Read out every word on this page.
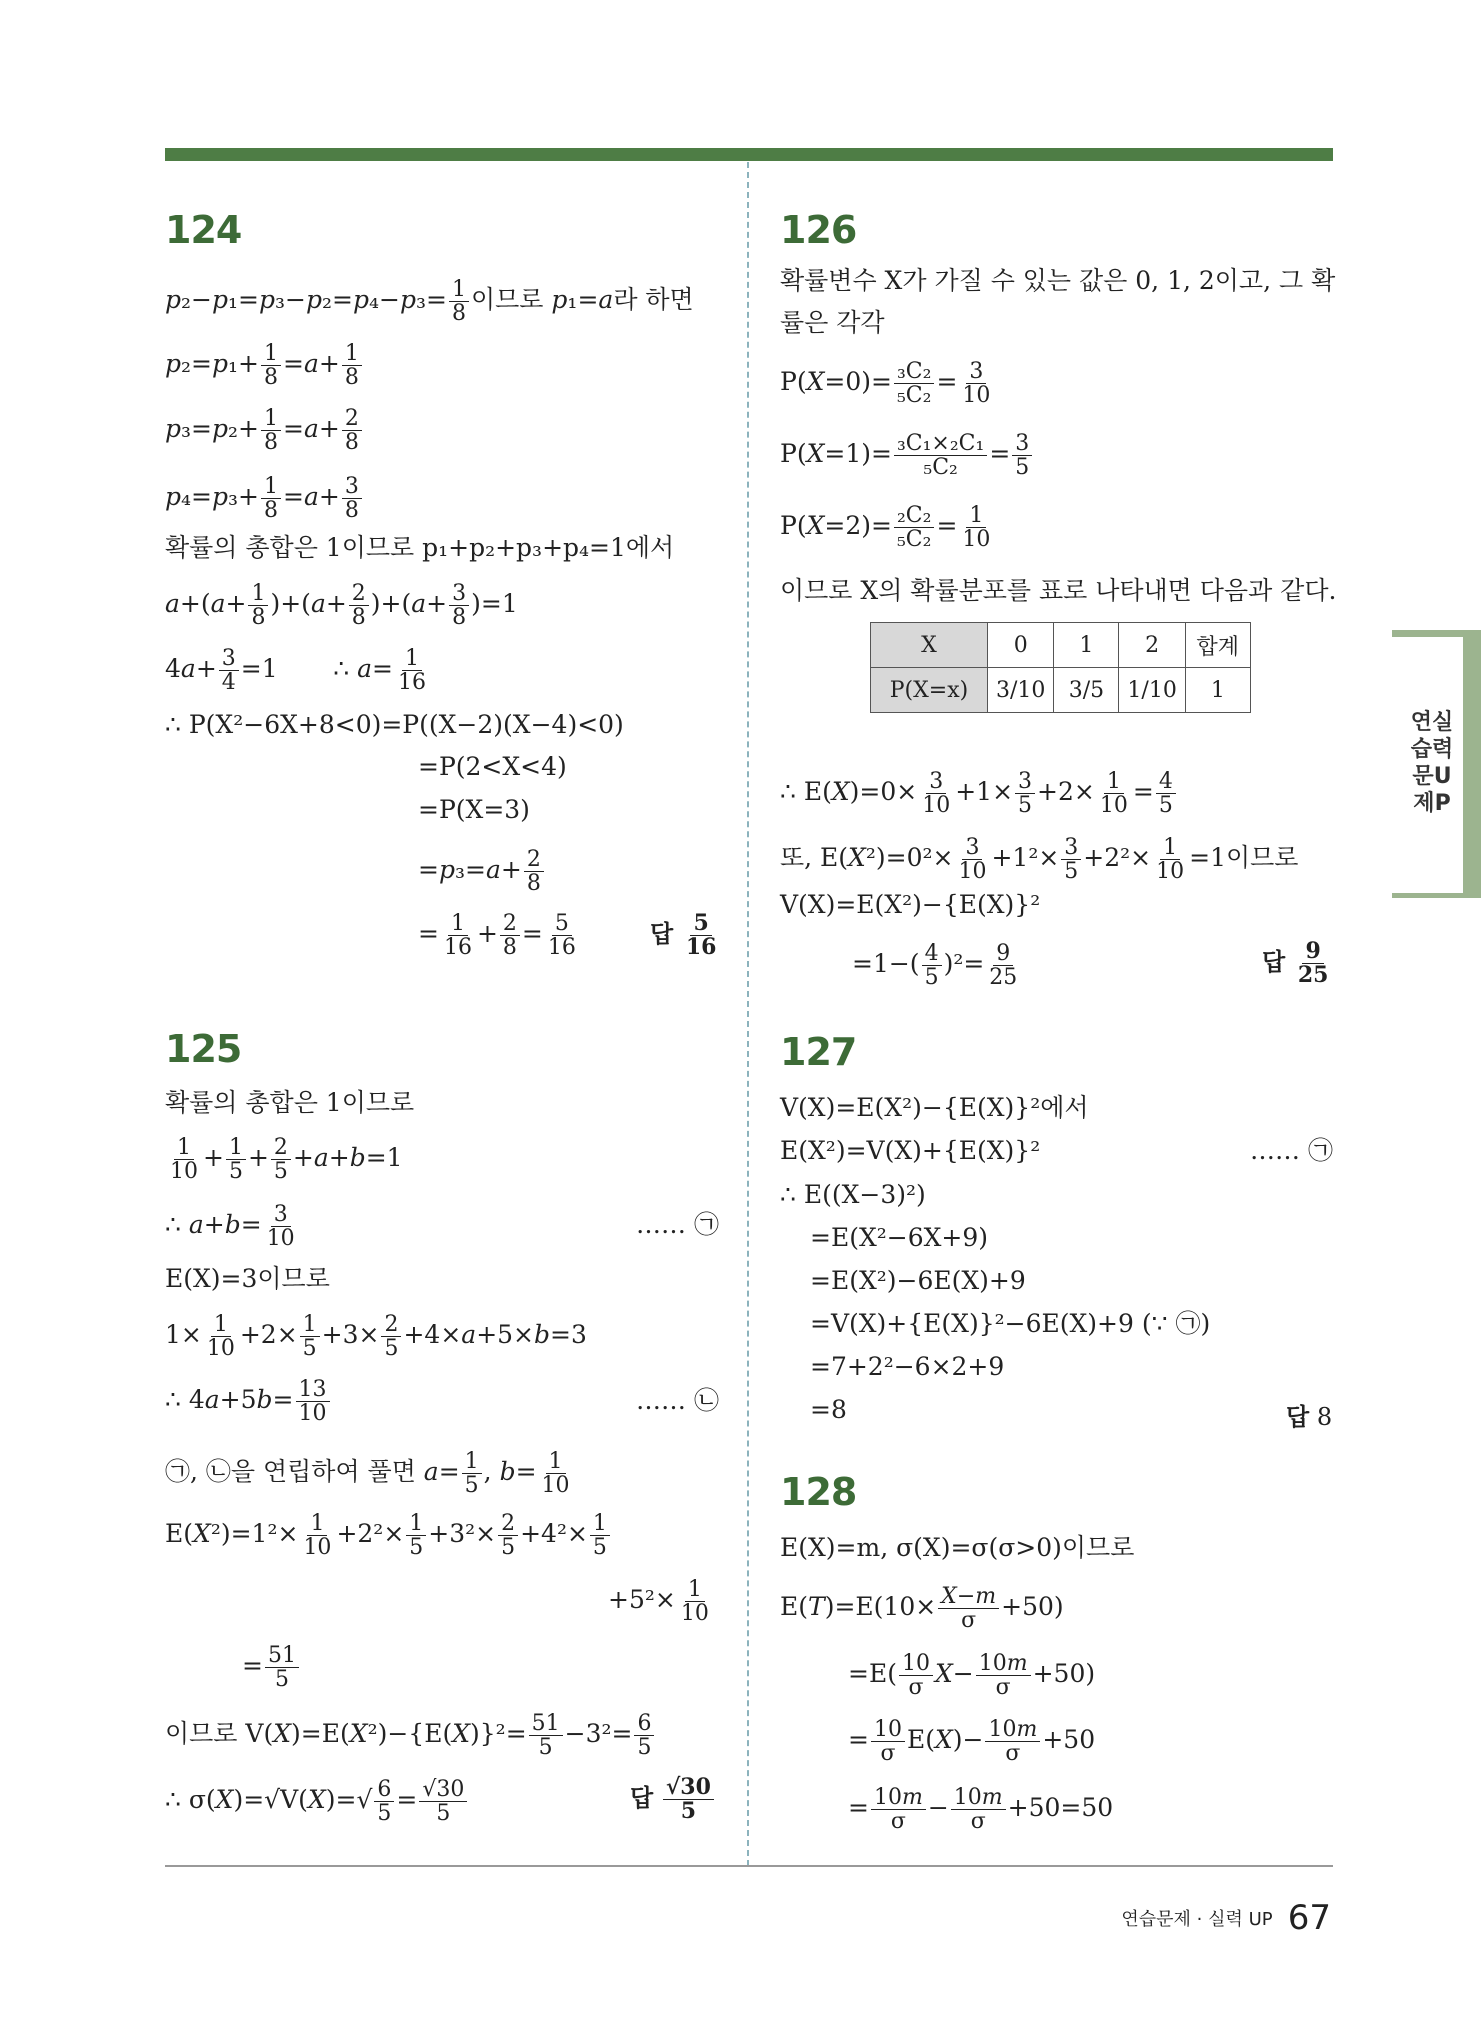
124
$p_2-p_1=p_3-p_2=p_4-p_3= \frac{1}{8}$ 이므로 p₁=a라 하면
$p_2=p_1+ \frac{1}{8} =a+ \frac{1}{8}$
$p_3=p_2+ \frac{1}{8} =a+ \frac{2}{8}$
$p_4=p_3+ \frac{1}{8} =a+ \frac{3}{8}$
확률의 총합은 1이므로 p₁+p₂+p₃+p₄=1에서
$a+(a+ \frac{1}{8} )+(a+ \frac{2}{8} )+(a+ \frac{3}{8} )=1$
$4a+ \frac{3}{4} =1$       ∴ $a= \frac{1}{16}$
∴ P(X²−6X+8<0)=P((X−2)(X−4)<0)
=P(2<X<4)
=P(X=3)
$=p_3=a+ \frac{2}{8}$
= $\frac{1}{16} + \frac{2}{8} = \frac{5}{16}$	답 $\frac{5}{16}$
125
확률의 총합은 1이므로
$\frac{1}{10} + \frac{1}{5} + \frac{2}{5} +a+b=1$
∴ $a+b= \frac{3}{10}$	…… ㉠
E(X)=3이므로
$1\times \frac{1}{10} +2\times \frac{1}{5} +3\times \frac{2}{5} +4\times a+5\times b=3$
∴ $4a+5b= \frac{13}{10}$	…… ㉡
㉠, ㉡을 연립하여 풀면 $a= \frac{1}{5}$ , $b= \frac{1}{10}$
$E(X^2)=1^2\times \frac{1}{10} +2^2\times \frac{1}{5} +3^2\times \frac{2}{5} +4^2\times \frac{1}{5}$
$+5^2\times \frac{1}{10}$
= $\frac{51}{5}$
이므로 $V(X)=E(X^2)-\{E(X)\}^2= \frac{51}{5} -3^2= \frac{6}{5}$
∴ $\sigma(X)=√V(X)=√ \frac{6}{5} = \frac{√30}{5}$	답 $\frac{√30}{5}$
126
확률변수 X가 가질 수 있는 값은 0, 1, 2이고, 그 확
률은 각각
$P(X=0)= \frac{\text{₃C₂}}{\text{₅C₂}} = \frac{3}{10}$
$P(X=1)= \frac{\text{₃C₁×₂C₁}}{\text{₅C₂}} = \frac{3}{5}$
$P(X=2)= \frac{\text{₂C₂}}{\text{₅C₂}} = \frac{1}{10}$
이므로 X의 확률분포를 표로 나타내면 다음과 같다.
X	0	1	2	합계
P(X=x)	3/10	3/5	1/10	1
∴ $E(X)=0\times \frac{3}{10} +1\times \frac{3}{5} +2\times \frac{1}{10} = \frac{4}{5}$
또, $E(X^2)=0^2\times \frac{3}{10} +1^2\times \frac{3}{5} +2^2\times \frac{1}{10} =1$이므로
V(X)=E(X²)−{E(X)}²
$=1-( \frac{4}{5} )^2= \frac{9}{25}$	답 $\frac{9}{25}$
127
V(X)=E(X²)−{E(X)}²에서
E(X²)=V(X)+{E(X)}²	…… ㉠
∴ E((X−3)²)
=E(X²−6X+9)
=E(X²)−6E(X)+9
=V(X)+{E(X)}²−6E(X)+9 (∵ ㉠)
=7+2²−6×2+9
=8	답 8
128
E(X)=m, σ(X)=σ(σ>0)이므로
$E(T)=E(10\times \frac{X-m}{\sigma} +50)$
$=E( \frac{10}{\sigma} X- \frac{10m}{\sigma} +50)$
= $\frac{10}{\sigma} E(X)- \frac{10m}{\sigma} +50$
= $\frac{10m}{\sigma} - \frac{10m}{\sigma} +50=50$
연실
습력
문U
제P
연습문제 · 실력 UP 67
